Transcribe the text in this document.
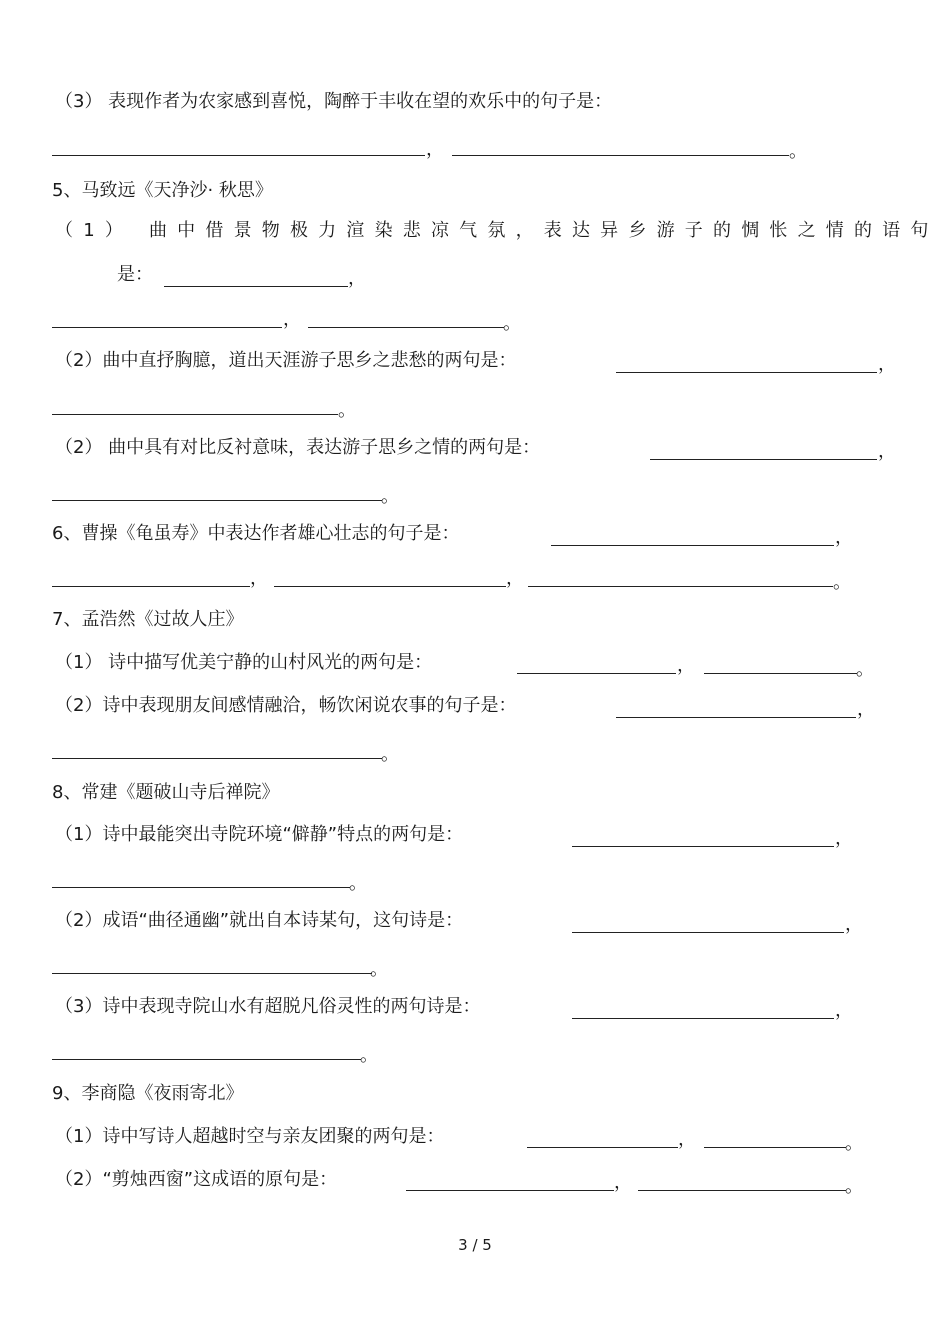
（3） 表现作者为农家感到喜悦，陶醉于丰收在望的欢乐中的句子是：
，	。
5、马致远《天净沙· 秋思》
（1） 曲中借景物极力渲染悲凉气氛，表达异乡游子的惆怅之情的语句
是：	，
，	。
（2）曲中直抒胸臆，道出天涯游子思乡之悲愁的两句是：	，
。
（2） 曲中具有对比反衬意味，表达游子思乡之情的两句是：	，
。
6、曹操《龟虽寿》中表达作者雄心壮志的句子是：	，
，	，	。
7、孟浩然《过故人庄》
（1） 诗中描写优美宁静的山村风光的两句是：	，	。
（2）诗中表现朋友间感情融洽，畅饮闲说农事的句子是：	，
。
8、常建《题破山寺后禅院》
（1）诗中最能突出寺院环境“僻静”特点的两句是：	，
。
（2）成语“曲径通幽”就出自本诗某句，这句诗是：	，
。
（3）诗中表现寺院山水有超脱凡俗灵性的两句诗是：	，
。
9、李商隐《夜雨寄北》
（1）诗中写诗人超越时空与亲友团聚的两句是：	，	。
（2）“剪烛西窗”这成语的原句是：	，	。
3 / 5
